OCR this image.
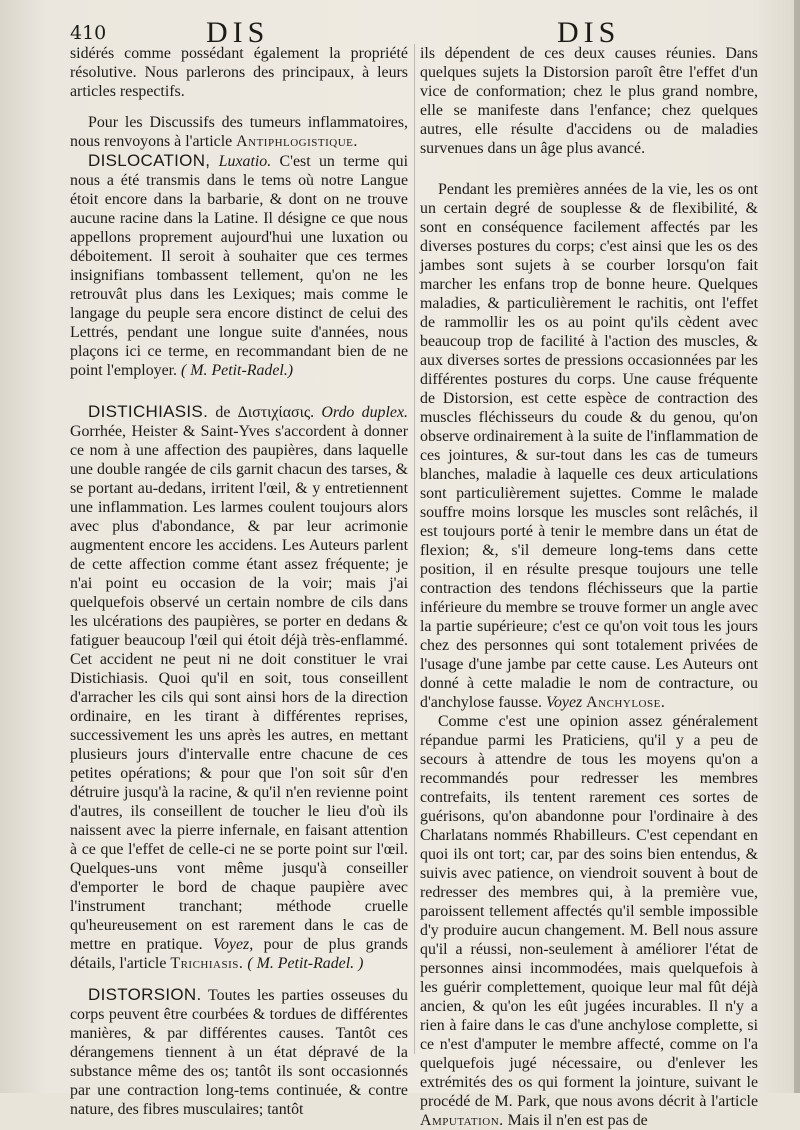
410	DIS	DIS

sidérés comme possédant également la propriété résolutive. Nous parlerons des principaux, à leurs articles respectifs.

Pour les Discussifs des tumeurs inflammatoires, nous renvoyons à l'article Antiphlogistique.

DISLOCATION, Luxatio. C'est un terme qui nous a été transmis dans le tems où notre Langue étoit encore dans la barbarie, & dont on ne trouve aucune racine dans la Latine. Il désigne ce que nous appellons proprement aujourd'hui une luxation ou déboitement. Il seroit à souhaiter que ces termes insignifians tombassent tellement, qu'on ne les retrouvât plus dans les Lexiques; mais comme le langage du peuple sera encore distinct de celui des Lettrés, pendant une longue suite d'années, nous plaçons ici ce terme, en recommandant bien de ne point l'employer. ( M. Petit-Radel.)

DISTICHIASIS. de Διστιχίασις. Ordo duplex. Gorrhée, Heister & Saint-Yves s'accordent à donner ce nom à une affection des paupières, dans laquelle une double rangée de cils garnit chacun des tarses, & se portant au-dedans, irritent l'œil, & y entretiennent une inflammation. Les larmes coulent toujours alors avec plus d'abondance, & par leur acrimonie augmentent encore les accidens. Les Auteurs parlent de cette affection comme étant assez fréquente; je n'ai point eu occasion de la voir; mais j'ai quelquefois observé un certain nombre de cils dans les ulcérations des paupières, se porter en dedans & fatiguer beaucoup l'œil qui étoit déjà très-enflammé. Cet accident ne peut ni ne doit constituer le vrai Distichiasis. Quoi qu'il en soit, tous conseillent d'arracher les cils qui sont ainsi hors de la direction ordinaire, en les tirant à différentes reprises, successivement les uns après les autres, en mettant plusieurs jours d'intervalle entre chacune de ces petites opérations; & pour que l'on soit sûr d'en détruire jusqu'à la racine, & qu'il n'en revienne point d'autres, ils conseillent de toucher le lieu d'où ils naissent avec la pierre infernale, en faisant attention à ce que l'effet de celle-ci ne se porte point sur l'œil. Quelques-uns vont même jusqu'à conseiller d'emporter le bord de chaque paupière avec l'instrument tranchant; méthode cruelle qu'heureusement on est rarement dans le cas de mettre en pratique. Voyez, pour de plus grands détails, l'article Trichiasis. ( M. Petit-Radel. )

DISTORSION. Toutes les parties osseuses du corps peuvent être courbées & tordues de différentes manières, & par différentes causes. Tantôt ces dérangemens tiennent à un état dépravé de la substance même des os; tantôt ils sont occasionnés par une contraction long-tems continuée, & contre nature, des fibres musculaires; tantôt

ils dépendent de ces deux causes réunies. Dans quelques sujets la Distorsion paroît être l'effet d'un vice de conformation; chez le plus grand nombre, elle se manifeste dans l'enfance; chez quelques autres, elle résulte d'accidens ou de maladies survenues dans un âge plus avancé.

Pendant les premières années de la vie, les os ont un certain degré de souplesse & de flexibilité, & sont en conséquence facilement affectés par les diverses postures du corps; c'est ainsi que les os des jambes sont sujets à se courber lorsqu'on fait marcher les enfans trop de bonne heure. Quelques maladies, & particulièrement le rachitis, ont l'effet de rammollir les os au point qu'ils cèdent avec beaucoup trop de facilité à l'action des muscles, & aux diverses sortes de pressions occasionnées par les différentes postures du corps. Une cause fréquente de Distorsion, est cette espèce de contraction des muscles fléchisseurs du coude & du genou, qu'on observe ordinairement à la suite de l'inflammation de ces jointures, & sur-tout dans les cas de tumeurs blanches, maladie à laquelle ces deux articulations sont particulièrement sujettes. Comme le malade souffre moins lorsque les muscles sont relâchés, il est toujours porté à tenir le membre dans un état de flexion; &, s'il demeure long-tems dans cette position, il en résulte presque toujours une telle contraction des tendons fléchisseurs que la partie inférieure du membre se trouve former un angle avec la partie supérieure; c'est ce qu'on voit tous les jours chez des personnes qui sont totalement privées de l'usage d'une jambe par cette cause. Les Auteurs ont donné à cette maladie le nom de contracture, ou d'anchylose fausse. Voyez Anchylose.

Comme c'est une opinion assez généralement répandue parmi les Praticiens, qu'il y a peu de secours à attendre de tous les moyens qu'on a recommandés pour redresser les membres contrefaits, ils tentent rarement ces sortes de guérisons, qu'on abandonne pour l'ordinaire à des Charlatans nommés Rhabilleurs. C'est cependant en quoi ils ont tort; car, par des soins bien entendus, & suivis avec patience, on viendroit souvent à bout de redresser des membres qui, à la première vue, paroissent tellement affectés qu'il semble impossible d'y produire aucun changement. M. Bell nous assure qu'il a réussi, non-seulement à améliorer l'état de personnes ainsi incommodées, mais quelquefois à les guérir complettement, quoique leur mal fût déjà ancien, & qu'on les eût jugées incurables. Il n'y a rien à faire dans le cas d'une anchylose complette, si ce n'est d'amputer le membre affecté, comme on l'a quelquefois jugé nécessaire, ou d'enlever les extrémités des os qui forment la jointure, suivant le procédé de M. Park, que nous avons décrit à l'article Amputation. Mais il n'en est pas de
